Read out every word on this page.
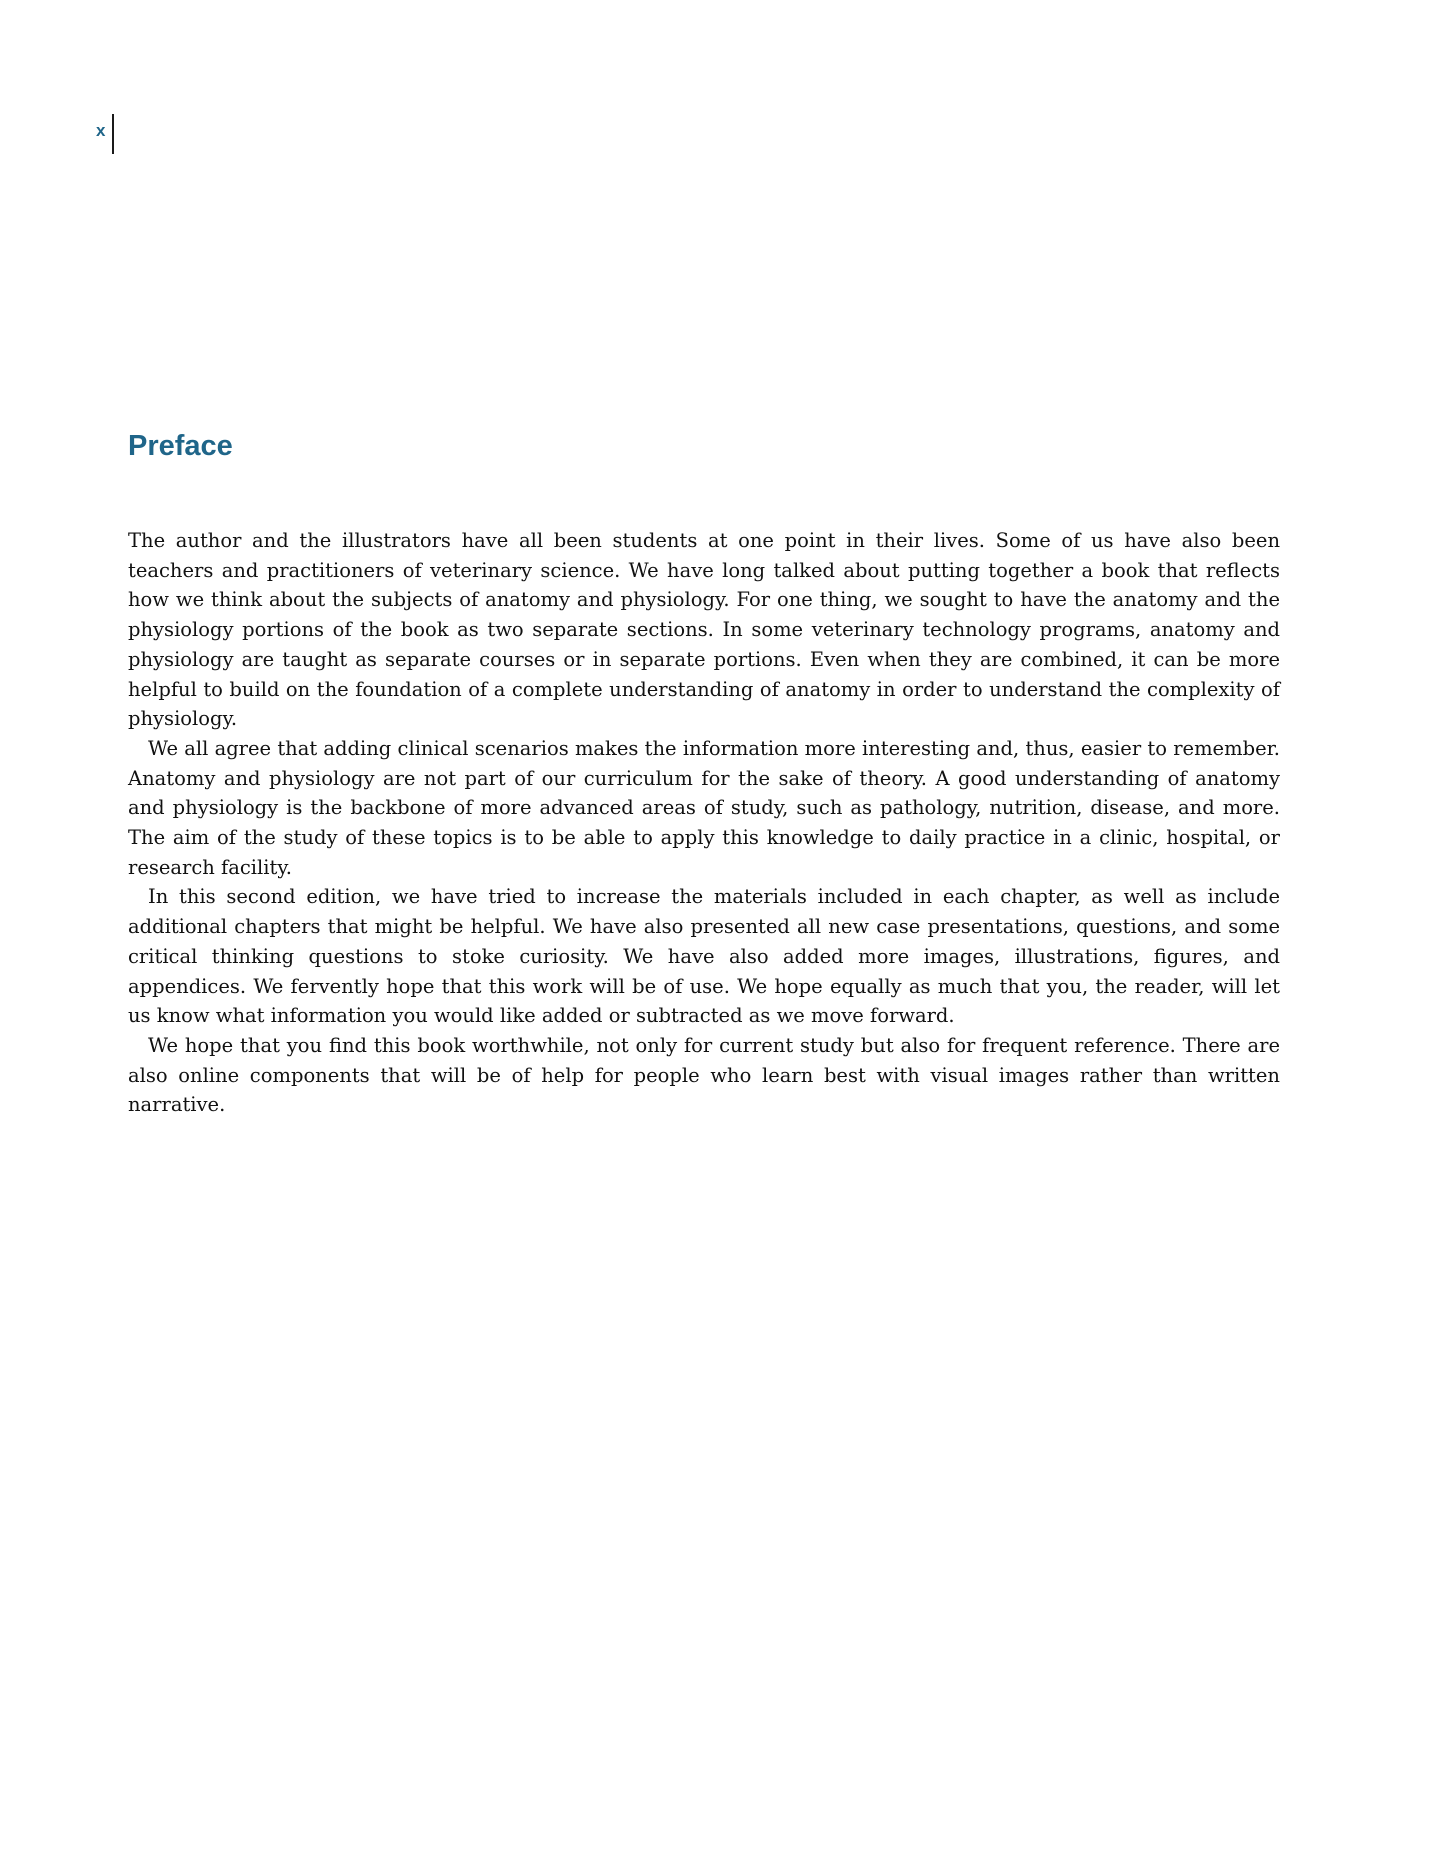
x
Preface

The author and the illustrators have all been students at one point in their lives. Some of us have also been teachers and practitioners of veterinary science. We have long talked about putting together a book that reflects how we think about the subjects of anatomy and physiology. For one thing, we sought to have the anatomy and the physiology portions of the book as two separate sections. In some veterinary technology programs, anatomy and physiology are taught as separate courses or in separate portions. Even when they are combined, it can be more helpful to build on the foundation of a complete understanding of anatomy in order to understand the complexity of physiology.

We all agree that adding clinical scenarios makes the information more interesting and, thus, easier to remember. Anatomy and physiology are not part of our curriculum for the sake of theory. A good understanding of anatomy and physiology is the backbone of more advanced areas of study, such as pathology, nutrition, disease, and more. The aim of the study of these topics is to be able to apply this knowledge to daily practice in a clinic, hospital, or research facility.

In this second edition, we have tried to increase the materials included in each chapter, as well as include additional chapters that might be helpful. We have also presented all new case presentations, questions, and some critical thinking questions to stoke curiosity. We have also added more images, illustrations, figures, and appendices. We fervently hope that this work will be of use. We hope equally as much that you, the reader, will let us know what information you would like added or subtracted as we move forward.

We hope that you find this book worthwhile, not only for current study but also for frequent reference. There are also online components that will be of help for people who learn best with visual images rather than written narrative.
